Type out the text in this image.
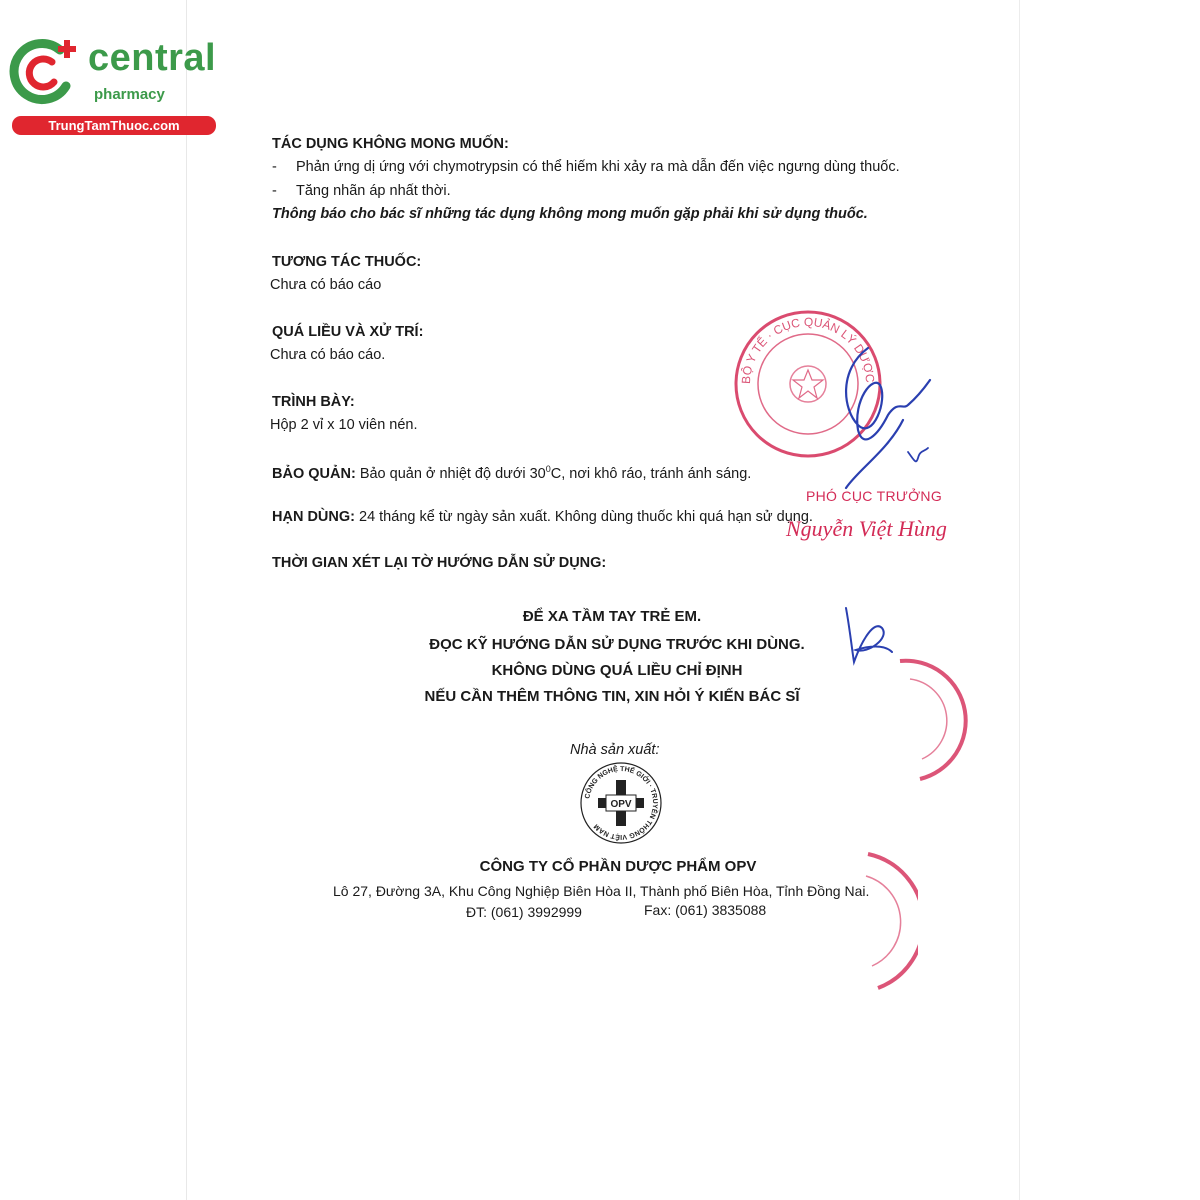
central
pharmacy
TrungTamThuoc.com
TÁC DỤNG KHÔNG MONG MUỐN:
- Phản ứng dị ứng với chymotrypsin có thể hiếm khi xảy ra mà dẫn đến việc ngưng dùng thuốc.
- Tăng nhãn áp nhất thời.
Thông báo cho bác sĩ những tác dụng không mong muốn gặp phải khi sử dụng thuốc.
TƯƠNG TÁC THUỐC:
Chưa có báo cáo
QUÁ LIỀU VÀ XỬ TRÍ:
Chưa có báo cáo.
TRÌNH BÀY:
Hộp 2 vỉ x 10 viên nén.
BẢO QUẢN: Bảo quản ở nhiệt độ dưới $30^0C$, nơi khô ráo, tránh ánh sáng.
HẠN DÙNG: 24 tháng kể từ ngày sản xuất. Không dùng thuốc khi quá hạn sử dụng.
THỜI GIAN XÉT LẠI TỜ HƯỚNG DẪN SỬ DỤNG:
ĐỂ XA TẦM TAY TRẺ EM.
ĐỌC KỸ HƯỚNG DẪN SỬ DỤNG TRƯỚC KHI DÙNG.
KHÔNG DÙNG QUÁ LIỀU CHỈ ĐỊNH
NẾU CẦN THÊM THÔNG TIN, XIN HỎI Ý KIẾN BÁC SĨ
Nhà sản xuất:
CÔNG NGHỆ THẾ GIỚI · TRUYỀN THỐNG VIỆT NAM
OPV
CÔNG TY CỔ PHẦN DƯỢC PHẨM OPV
Lô 27, Đường 3A, Khu Công Nghiệp Biên Hòa II, Thành phố Biên Hòa, Tỉnh Đồng Nai.
ĐT: (061) 3992999	Fax: (061) 3835088
BỘ Y TẾ · CỤC QUẢN LÝ DƯỢC
PHÓ CỤC TRƯỞNG
Nguyễn Việt Hùng
